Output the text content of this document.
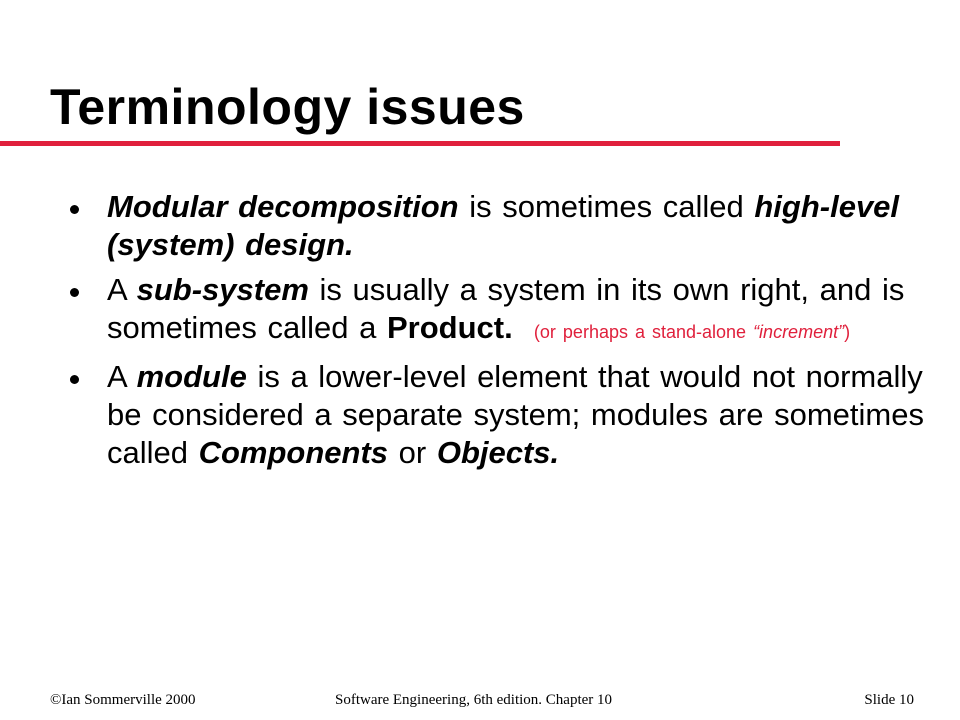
Terminology issues
Modular decomposition is sometimes called high-level (system) design.
A sub-system is usually a system in its own right, and is sometimes called a Product. (or perhaps a stand-alone “increment”)
A module is a lower-level element that would not normally be considered a separate system; modules are sometimes called Components or Objects.
©Ian Sommerville 2000	Software Engineering, 6th edition. Chapter 10	Slide 10
